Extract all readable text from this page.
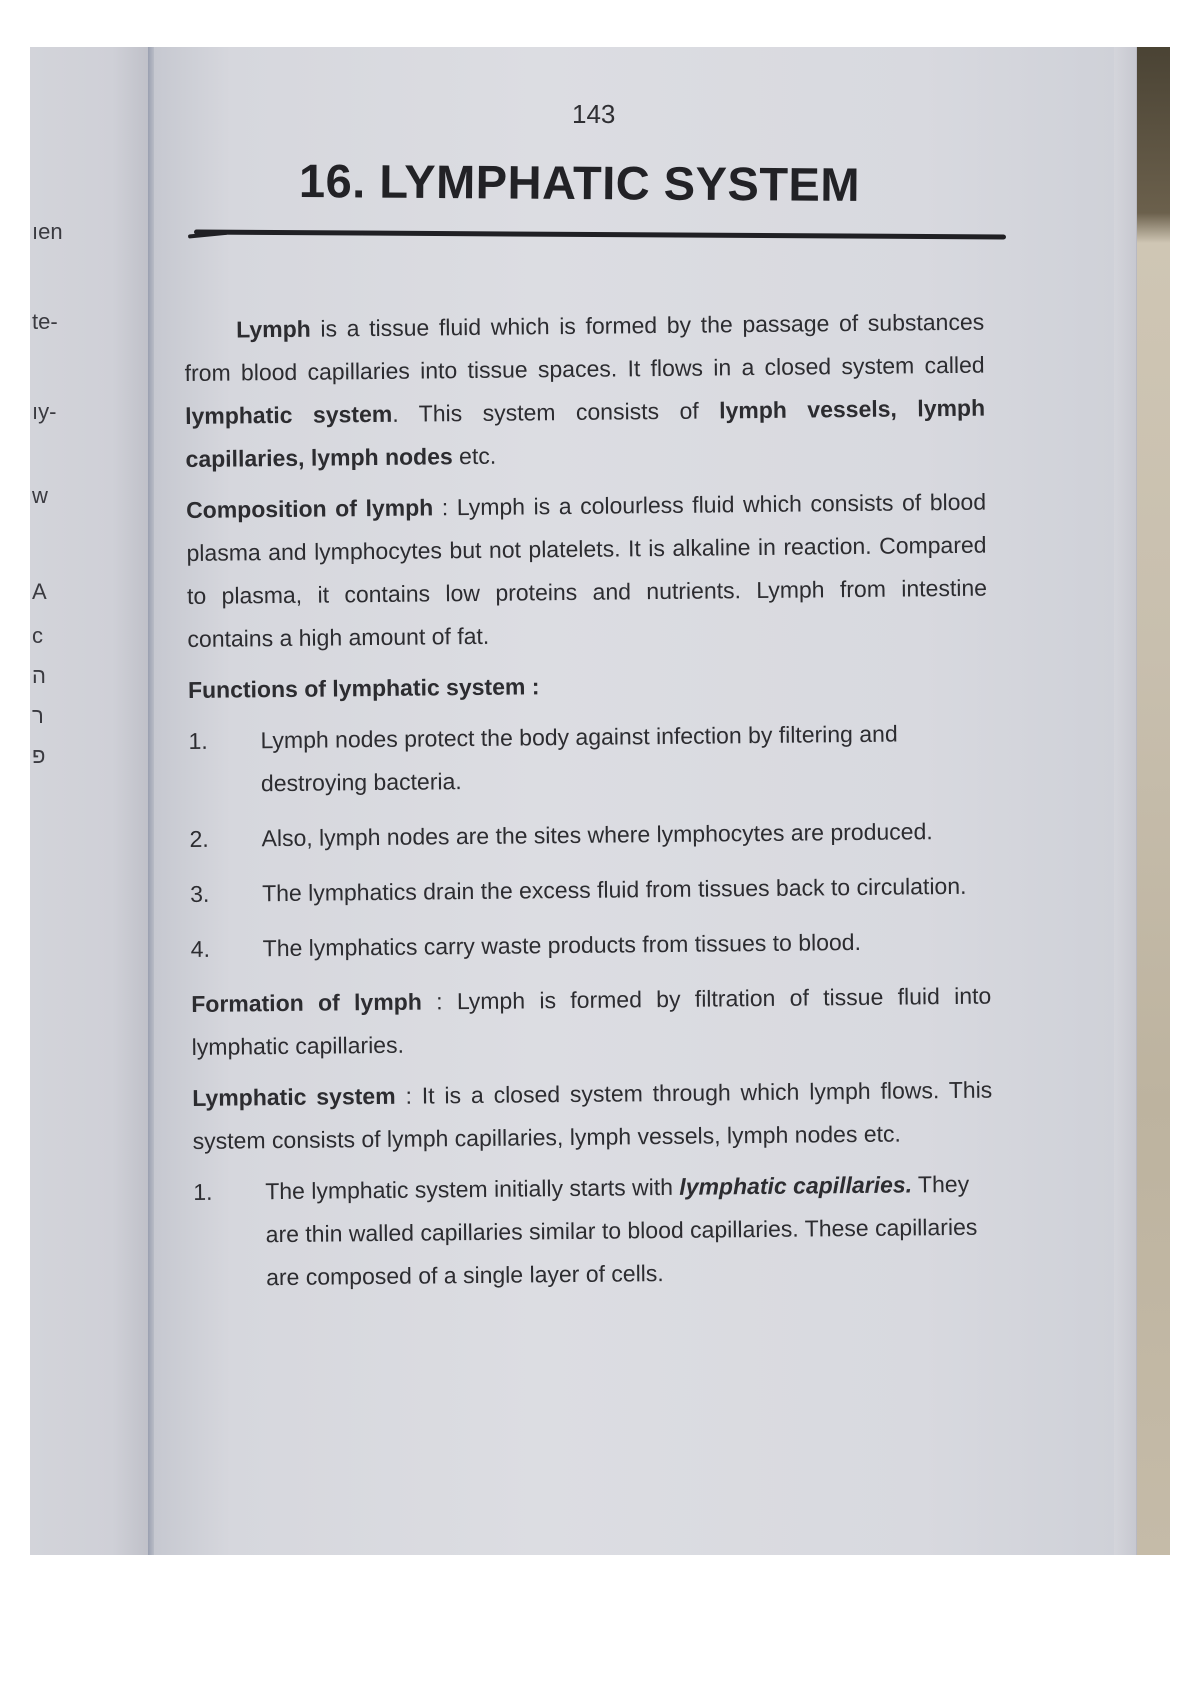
ıen
te-
ıy-
w
A
c
ה
ר
פ
143
16. LYMPHATIC SYSTEM

Lymph is a tissue fluid which is formed by the passage of substances from blood capillaries into tissue spaces. It flows in a closed system called lymphatic system. This system consists of lymph vessels, lymph capillaries, lymph nodes etc.

Composition of lymph : Lymph is a colourless fluid which consists of blood plasma and lymphocytes but not platelets. It is alkaline in reaction. Compared to plasma, it contains low proteins and nutrients. Lymph from intestine contains a high amount of fat.

Functions of lymphatic system :
1.	Lymph nodes protect the body against infection by filtering and destroying bacteria.
2.	Also, lymph nodes are the sites where lymphocytes are produced.
3.	The lymphatics drain the excess fluid from tissues back to circulation.
4.	The lymphatics carry waste products from tissues to blood.

Formation of lymph : Lymph is formed by filtration of tissue fluid into lymphatic capillaries.

Lymphatic system : It is a closed system through which lymph flows. This system consists of lymph capillaries, lymph vessels, lymph nodes etc.

1.	The lymphatic system initially starts with lymphatic capillaries. They are thin walled capillaries similar to blood capillaries. These capillaries are composed of a single layer of cells.
